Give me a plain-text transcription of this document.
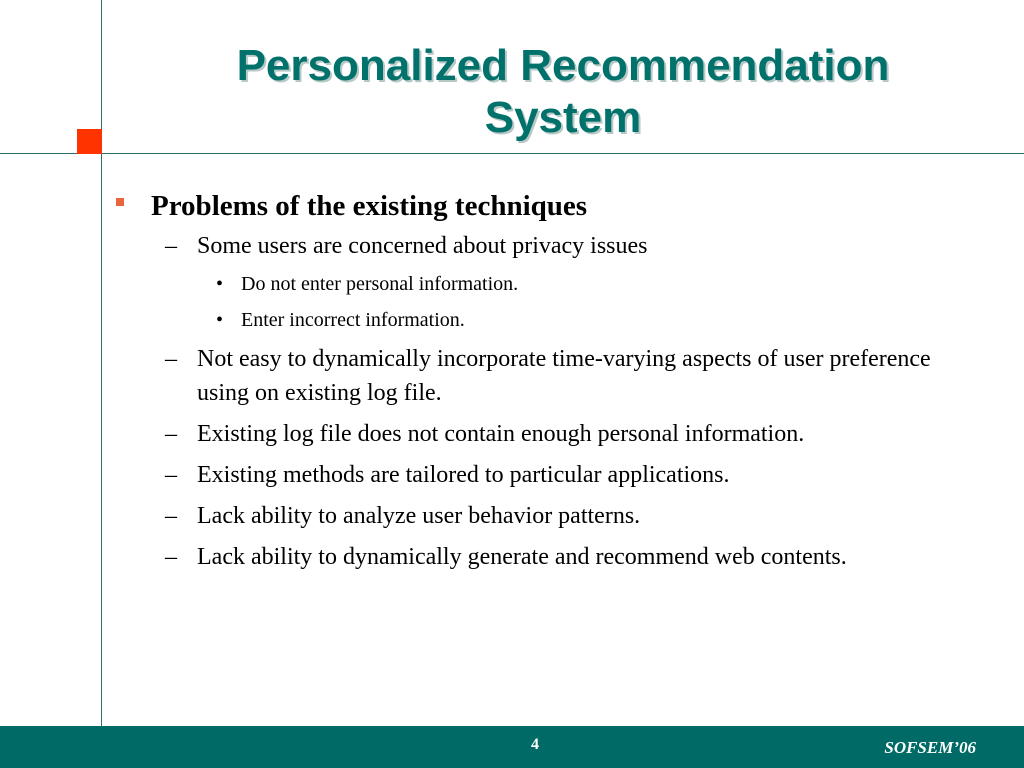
Personalized Recommendation
System
Problems of the existing techniques
– Some users are concerned about privacy issues
• Do not enter personal information.
• Enter incorrect information.
– Not easy to dynamically incorporate time-varying aspects of user preference using on existing log file.
– Existing log file does not contain enough personal information.
– Existing methods are tailored to particular applications.
– Lack ability to analyze user behavior patterns.
– Lack ability to dynamically generate and recommend web contents.
4	SOFSEM’06
